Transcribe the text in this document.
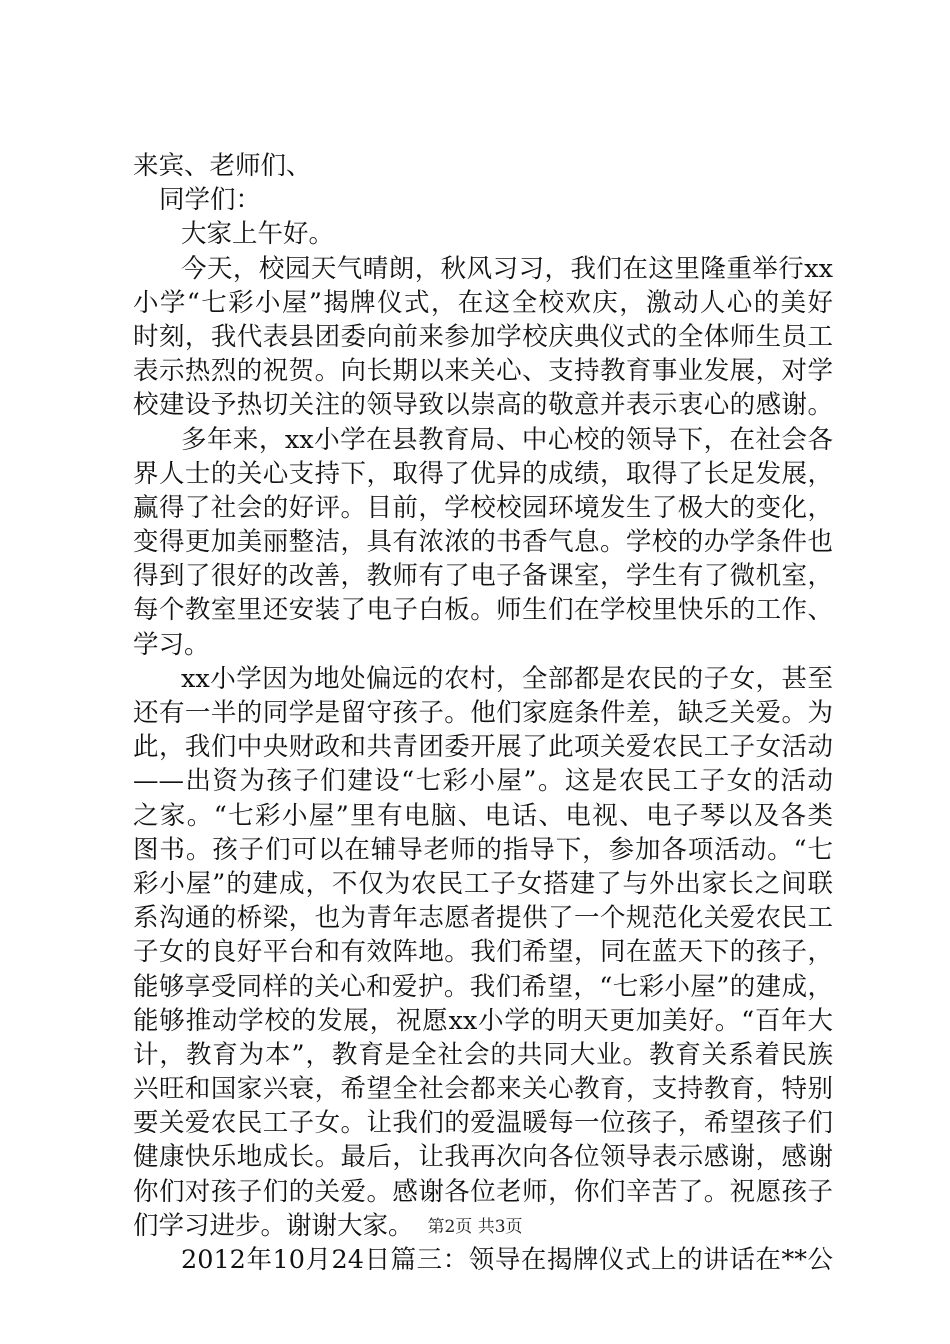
来宾、老师们、
同学们：
大家上午好。
今天，校园天气晴朗，秋风习习，我们在这里隆重举行xx
小学“七彩小屋”揭牌仪式，在这全校欢庆，激动人心的美好
时刻，我代表县团委向前来参加学校庆典仪式的全体师生员工
表示热烈的祝贺。向长期以来关心、支持教育事业发展，对学
校建设予热切关注的领导致以崇高的敬意并表示衷心的感谢。
多年来，xx小学在县教育局、中心校的领导下，在社会各
界人士的关心支持下，取得了优异的成绩，取得了长足发展，
赢得了社会的好评。目前，学校校园环境发生了极大的变化，
变得更加美丽整洁，具有浓浓的书香气息。学校的办学条件也
得到了很好的改善，教师有了电子备课室，学生有了微机室，
每个教室里还安装了电子白板。师生们在学校里快乐的工作、
学习。
xx小学因为地处偏远的农村，全部都是农民的子女，甚至
还有一半的同学是留守孩子。他们家庭条件差，缺乏关爱。为
此，我们中央财政和共青团委开展了此项关爱农民工子女活动
——出资为孩子们建设“七彩小屋”。这是农民工子女的活动
之家。“七彩小屋”里有电脑、电话、电视、电子琴以及各类
图书。孩子们可以在辅导老师的指导下，参加各项活动。“七
彩小屋”的建成，不仅为农民工子女搭建了与外出家长之间联
系沟通的桥梁，也为青年志愿者提供了一个规范化关爱农民工
子女的良好平台和有效阵地。我们希望，同在蓝天下的孩子，
能够享受同样的关心和爱护。我们希望，“七彩小屋”的建成，
能够推动学校的发展，祝愿xx小学的明天更加美好。“百年大
计，教育为本”，教育是全社会的共同大业。教育关系着民族
兴旺和国家兴衰，希望全社会都来关心教育，支持教育，特别
要关爱农民工子女。让我们的爱温暖每一位孩子，希望孩子们
健康快乐地成长。最后，让我再次向各位领导表示感谢，感谢
你们对孩子们的关爱。感谢各位老师，你们辛苦了。祝愿孩子
们学习进步。谢谢大家。
2012年10月24日篇三：领导在揭牌仪式上的讲话在**公
第2页 共3页
